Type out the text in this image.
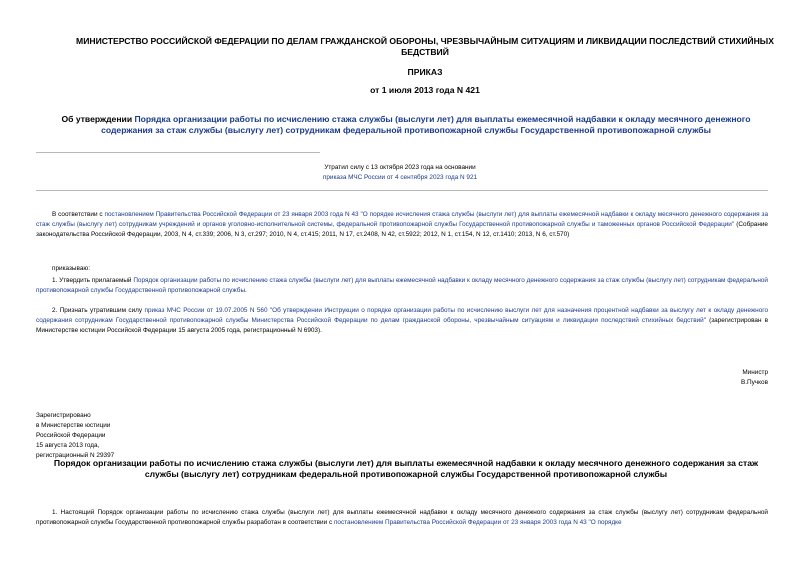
МИНИСТЕРСТВО РОССИЙСКОЙ ФЕДЕРАЦИИ ПО ДЕЛАМ ГРАЖДАНСКОЙ ОБОРОНЫ, ЧРЕЗВЫЧАЙНЫМ СИТУАЦИЯМ И ЛИКВИДАЦИИ ПОСЛЕДСТВИЙ СТИХИЙНЫХ БЕДСТВИЙ

ПРИКАЗ

от 1 июля 2013 года N 421

Об утверждении Порядка организации работы по исчислению стажа службы (выслуги лет) для выплаты ежемесячной надбавки к окладу месячного денежного содержания за стаж службы (выслугу лет) сотрудникам федеральной противопожарной службы Государственной противопожарной службы

Утратил силу с 13 октября 2023 года на основании

приказа МЧС России от 4 сентября 2023 года N 921

В соответствии с постановлением Правительства Российской Федерации от 23 января 2003 года N 43 "О порядке исчисления стажа службы (выслуги лет) для выплаты ежемесячной надбавки к окладу месячного денежного содержания за стаж службы (выслугу лет) сотрудникам учреждений и органов уголовно-исполнительной системы, федеральной противопожарной службы Государственной противопожарной службы и таможенных органов Российской Федерации" (Собрание законодательства Российской Федерации, 2003, N 4, ст.339; 2006, N 3, ст.297; 2010, N 4, ст.415; 2011, N 17, ст.2408, N 42, ст.5922; 2012, N 1, ст.154, N 12, ст.1410; 2013, N 6, ст.570)

приказываю:

1. Утвердить прилагаемый Порядок организации работы по исчислению стажа службы (выслуги лет) для выплаты ежемесячной надбавки к окладу месячного денежного содержания за стаж службы (выслугу лет) сотрудникам федеральной противопожарной службы Государственной противопожарной службы.
2. Признать утратившим силу приказ МЧС России от 19.07.2005 N 560 "Об утверждении Инструкции о порядке организации работы по исчислению выслуги лет для назначения процентной надбавки за выслугу лет к окладу денежного содержания сотрудникам Государственной противопожарной службы Министерства Российской Федерации по делам гражданской обороны, чрезвычайным ситуациям и ликвидации последствий стихийных бедствий" (зарегистрирован в Министерстве юстиции Российской Федерации 15 августа 2005 года, регистрационный N 6903).

Министр

В.Пучков

Зарегистрировано

в Министерстве юстиции

Российской Федерации

15 августа 2013 года,

регистрационный N 29397

Порядок организации работы по исчислению стажа службы (выслуги лет) для выплаты ежемесячной надбавки к окладу месячного денежного содержания за стаж службы (выслугу лет) сотрудникам федеральной противопожарной службы Государственной противопожарной службы

1. Настоящий Порядок организации работы по исчислению стажа службы (выслуги лет) для выплаты ежемесячной надбавки к окладу месячного денежного содержания за стаж службы (выслугу лет) сотрудникам федеральной противопожарной службы Государственной противопожарной службы разработан в соответствии с постановлением Правительства Российской Федерации от 23 января 2003 года N 43 "О порядке
